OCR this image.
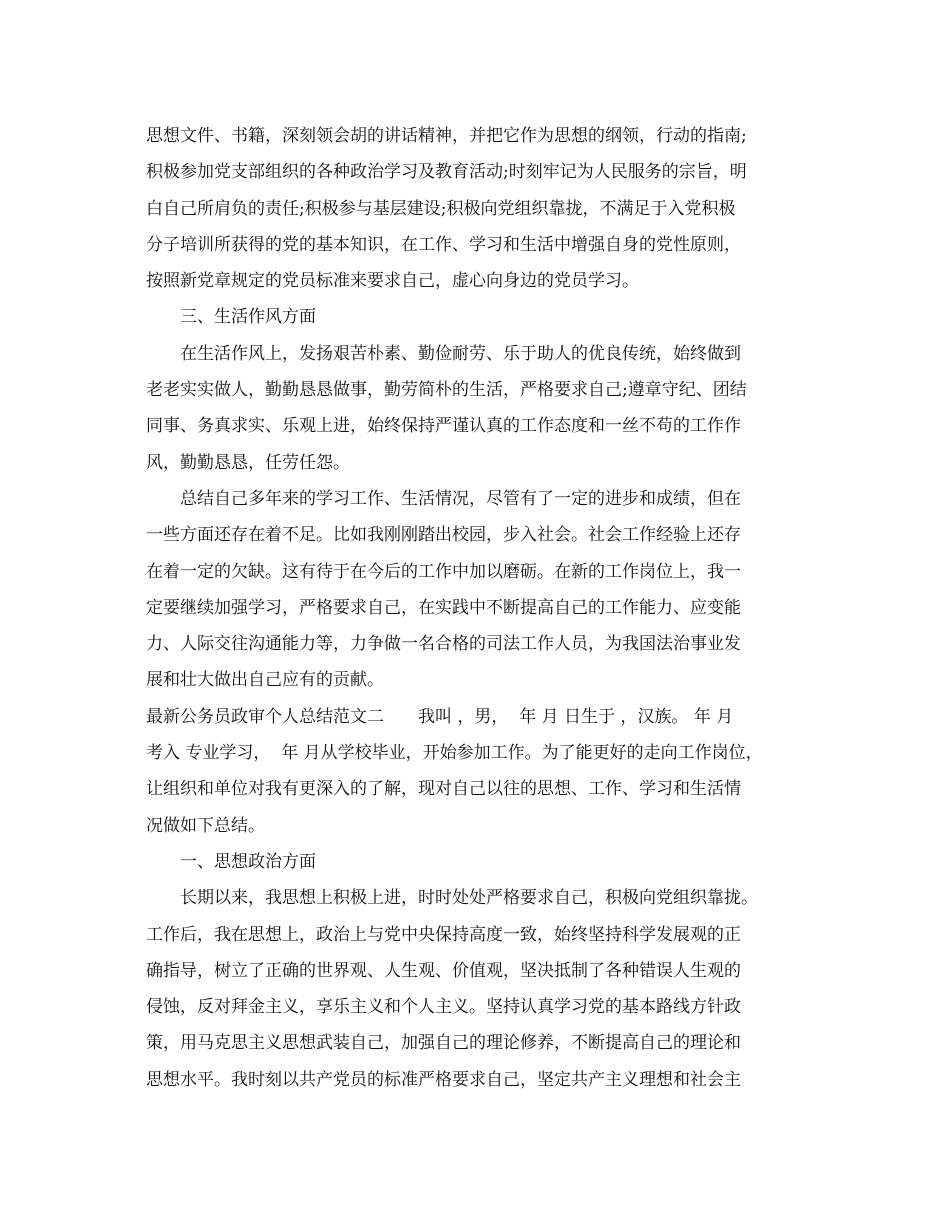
思想文件、书籍，深刻领会胡的讲话精神，并把它作为思想的纲领，行动的指南;
积极参加党支部组织的各种政治学习及教育活动;时刻牢记为人民服务的宗旨，明
白自己所肩负的责任;积极参与基层建设;积极向党组织靠拢，不满足于入党积极
分子培训所获得的党的基本知识，在工作、学习和生活中增强自身的党性原则，
按照新党章规定的党员标准来要求自己，虚心向身边的党员学习。
　　三、生活作风方面
　　在生活作风上，发扬艰苦朴素、勤俭耐劳、乐于助人的优良传统，始终做到
老老实实做人，勤勤恳恳做事，勤劳简朴的生活，严格要求自己;遵章守纪、团结
同事、务真求实、乐观上进，始终保持严谨认真的工作态度和一丝不苟的工作作
风，勤勤恳恳，任劳任怨。
　　总结自己多年来的学习工作、生活情况，尽管有了一定的进步和成绩，但在
一些方面还存在着不足。比如我刚刚踏出校园，步入社会。社会工作经验上还存
在着一定的欠缺。这有待于在今后的工作中加以磨砺。在新的工作岗位上，我一
定要继续加强学习，严格要求自己，在实践中不断提高自己的工作能力、应变能
力、人际交往沟通能力等，力争做一名合格的司法工作人员，为我国法治事业发
展和壮大做出自己应有的贡献。
最新公务员政审个人总结范文二　　我叫 ，男，  年 月 日生于 ，汉族。 年 月
考入 专业学习，  年 月从学校毕业，开始参加工作。为了能更好的走向工作岗位，
让组织和单位对我有更深入的了解，现对自己以往的思想、工作、学习和生活情
况做如下总结。
　　一、思想政治方面
　　长期以来，我思想上积极上进，时时处处严格要求自己，积极向党组织靠拢。
工作后，我在思想上，政治上与党中央保持高度一致，始终坚持科学发展观的正
确指导，树立了正确的世界观、人生观、价值观，坚决抵制了各种错误人生观的
侵蚀，反对拜金主义，享乐主义和个人主义。坚持认真学习党的基本路线方针政
策，用马克思主义思想武装自己，加强自己的理论修养，不断提高自己的理论和
思想水平。我时刻以共产党员的标准严格要求自己，坚定共产主义理想和社会主
